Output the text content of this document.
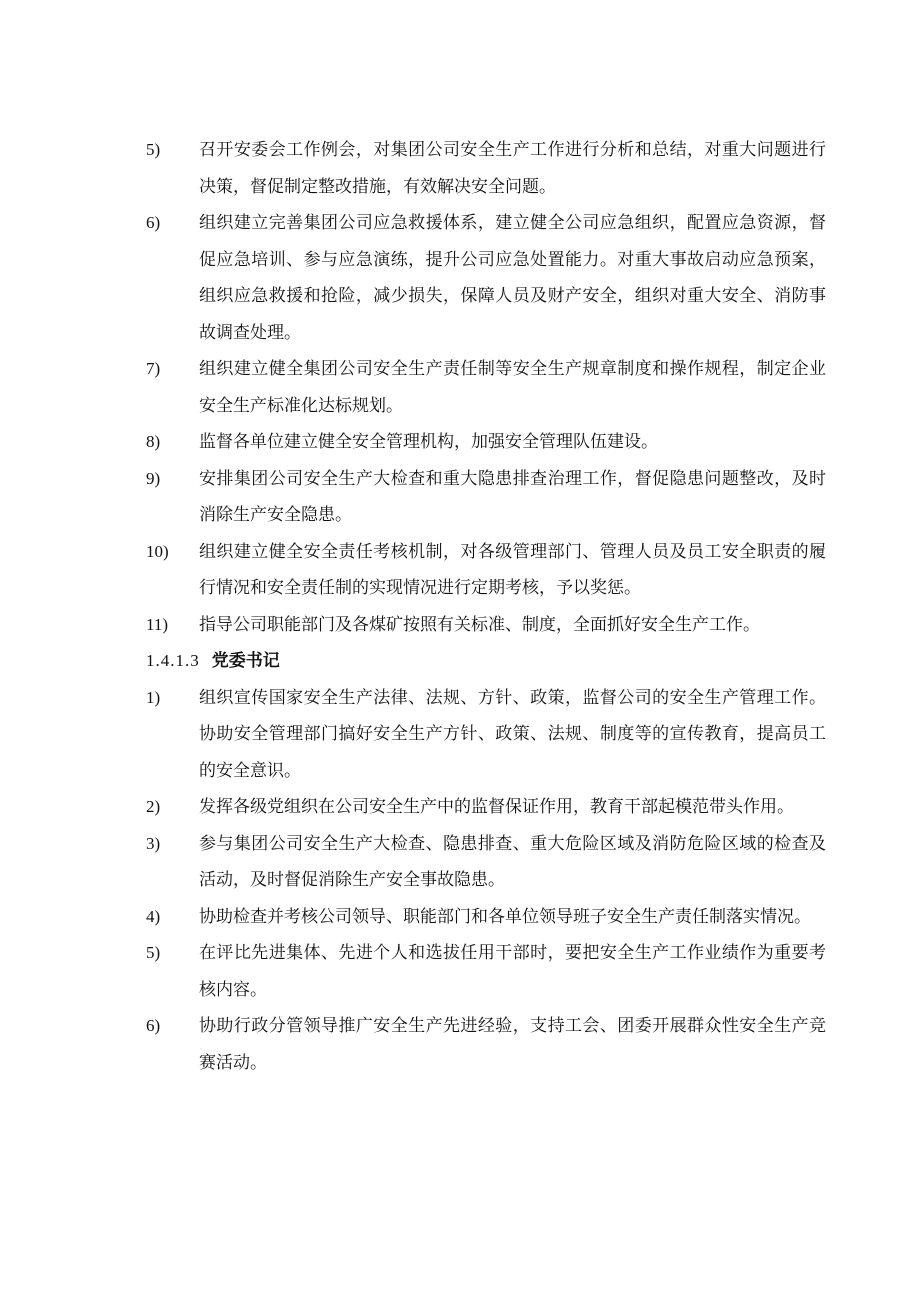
5) 召开安委会工作例会，对集团公司安全生产工作进行分析和总结，对重大问题进行决策，督促制定整改措施，有效解决安全问题。
6) 组织建立完善集团公司应急救援体系，建立健全公司应急组织，配置应急资源，督促应急培训、参与应急演练，提升公司应急处置能力。对重大事故启动应急预案，组织应急救援和抢险，减少损失，保障人员及财产安全，组织对重大安全、消防事故调查处理。
7) 组织建立健全集团公司安全生产责任制等安全生产规章制度和操作规程，制定企业安全生产标准化达标规划。
8) 监督各单位建立健全安全管理机构，加强安全管理队伍建设。
9) 安排集团公司安全生产大检查和重大隐患排查治理工作，督促隐患问题整改，及时消除生产安全隐患。
10) 组织建立健全安全责任考核机制，对各级管理部门、管理人员及员工安全职责的履行情况和安全责任制的实现情况进行定期考核，予以奖惩。
11) 指导公司职能部门及各煤矿按照有关标准、制度，全面抓好安全生产工作。
1.4.1.3 党委书记
1) 组织宣传国家安全生产法律、法规、方针、政策，监督公司的安全生产管理工作。协助安全管理部门搞好安全生产方针、政策、法规、制度等的宣传教育，提高员工的安全意识。
2) 发挥各级党组织在公司安全生产中的监督保证作用，教育干部起模范带头作用。
3) 参与集团公司安全生产大检查、隐患排查、重大危险区域及消防危险区域的检查及活动，及时督促消除生产安全事故隐患。
4) 协助检查并考核公司领导、职能部门和各单位领导班子安全生产责任制落实情况。
5) 在评比先进集体、先进个人和选拔任用干部时，要把安全生产工作业绩作为重要考核内容。
6) 协助行政分管领导推广安全生产先进经验，支持工会、团委开展群众性安全生产竞赛活动。
